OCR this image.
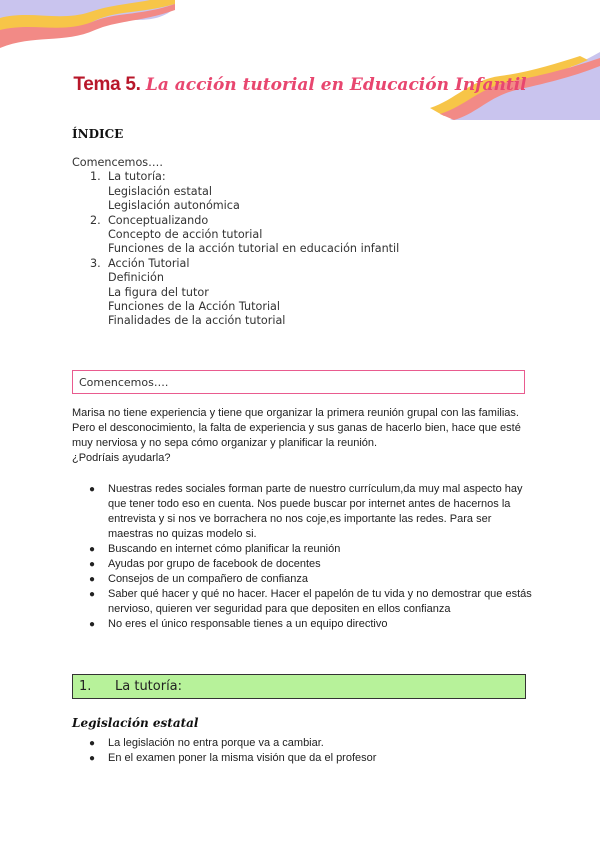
Tema 5. La acción tutorial en Educación Infantil
ÍNDICE
Comencemos….
1. La tutoría:
Legislación estatal
Legislación autonómica
2. Conceptualizando
Concepto de acción tutorial
Funciones de la acción tutorial en educación infantil
3. Acción Tutorial
Definición
La figura del tutor
Funciones de la Acción Tutorial
Finalidades de la acción tutorial
Comencemos….

Marisa no tiene experiencia y tiene que organizar la primera reunión grupal con las familias. Pero el desconocimiento, la falta de experiencia y sus ganas de hacerlo bien, hace que esté muy nerviosa y no sepa cómo organizar y planificar la reunión.

¿Podríais ayudarla?

● Nuestras redes sociales forman parte de nuestro currículum,da muy mal aspecto hay que tener todo eso en cuenta. Nos puede buscar por internet antes de hacernos la entrevista y si nos ve borrachera no nos coje,es importante las redes. Para ser maestras no quizas modelo si.
● Buscando en internet cómo planificar la reunión
● Ayudas por grupo de facebook de docentes
● Consejos de un compañero de confianza
● Saber qué hacer y qué no hacer. Hacer el papelón de tu vida y no demostrar que estás nervioso, quieren ver seguridad para que depositen en ellos confianza
● No eres el único responsable tienes a un equipo directivo
1. La tutoría:
Legislación estatal
● La legislación no entra porque va a cambiar.
● En el examen poner la misma visión que da el profesor
